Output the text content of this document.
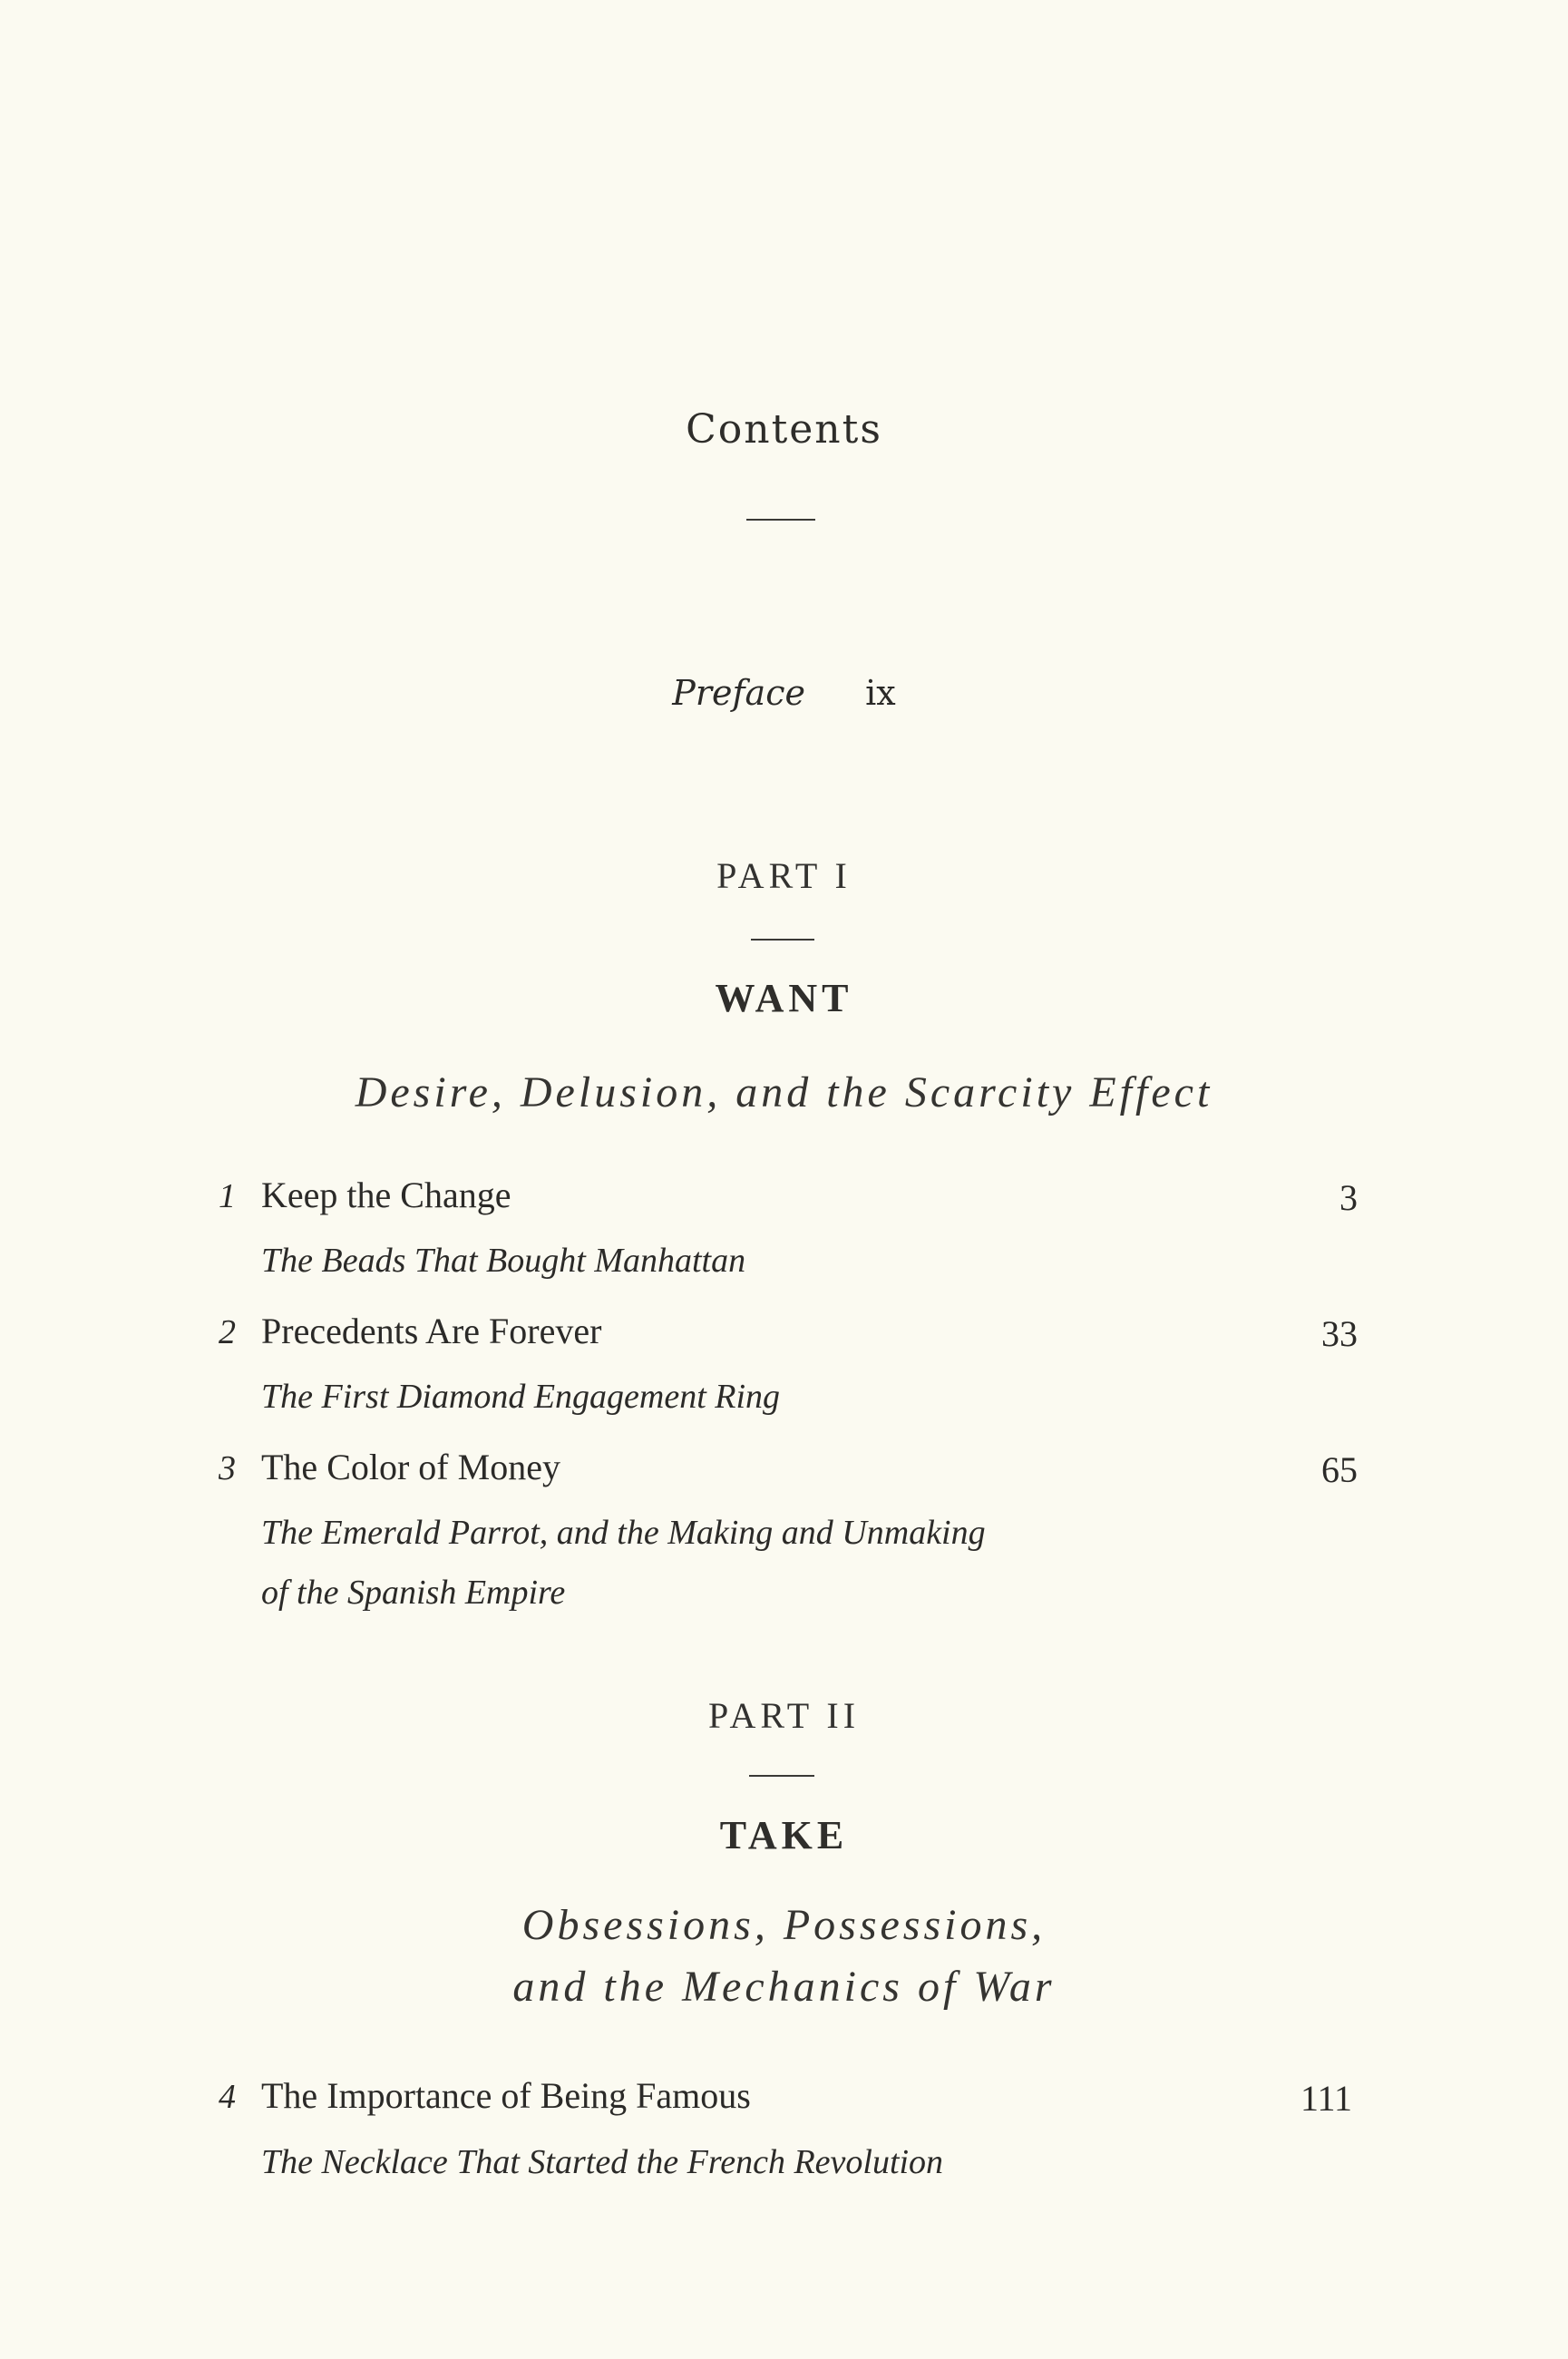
Contents
Preface ix
PART I
WANT
Desire, Delusion, and the Scarcity Effect
1 Keep the Change	3
The Beads That Bought Manhattan
2 Precedents Are Forever	33
The First Diamond Engagement Ring
3 The Color of Money	65
The Emerald Parrot, and the Making and Unmaking
of the Spanish Empire
PART II
TAKE
Obsessions, Possessions,
and the Mechanics of War
4 The Importance of Being Famous	111
The Necklace That Started the French Revolution
